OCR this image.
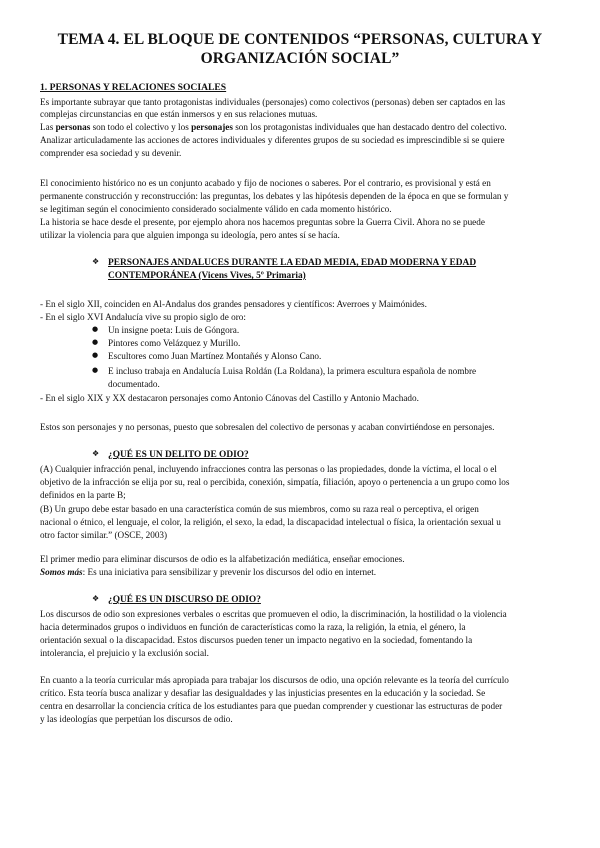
TEMA 4. EL BLOQUE DE CONTENIDOS “PERSONAS, CULTURA Y
ORGANIZACIÓN SOCIAL”
1. PERSONAS Y RELACIONES SOCIALES
Es importante subrayar que tanto protagonistas individuales (personajes) como colectivos (personas) deben ser captados en las
complejas circunstancias en que están inmersos y en sus relaciones mutuas.
Las personas son todo el colectivo y los personajes son los protagonistas individuales que han destacado dentro del colectivo.
Analizar articuladamente las acciones de actores individuales y diferentes grupos de su sociedad es imprescindible si se quiere
comprender esa sociedad y su devenir.
El conocimiento histórico no es un conjunto acabado y fijo de nociones o saberes. Por el contrario, es provisional y está en
permanente construcción y reconstrucción: las preguntas, los debates y las hipótesis dependen de la época en que se formulan y
se legitiman según el conocimiento considerado socialmente válido en cada momento histórico.
La historia se hace desde el presente, por ejemplo ahora nos hacemos preguntas sobre la Guerra Civil. Ahora no se puede
utilizar la violencia para que alguien imponga su ideología, pero antes sí se hacía.
❖ PERSONAJES ANDALUCES DURANTE LA EDAD MEDIA, EDAD MODERNA Y EDAD
CONTEMPORÁNEA (Vicens Vives, 5º Primaria)
- En el siglo XII, coinciden en Al-Andalus dos grandes pensadores y científicos: Averroes y Maimónides.
- En el siglo XVI Andalucía vive su propio siglo de oro:
● Un insigne poeta: Luis de Góngora.
● Pintores como Velázquez y Murillo.
● Escultores como Juan Martínez Montañés y Alonso Cano.
● E incluso trabaja en Andalucía Luisa Roldán (La Roldana), la primera escultura española de nombre
documentado.
- En el siglo XIX y XX destacaron personajes como Antonio Cánovas del Castillo y Antonio Machado.
Estos son personajes y no personas, puesto que sobresalen del colectivo de personas y acaban convirtiéndose en personajes.
❖ ¿QUÉ ES UN DELITO DE ODIO?
(A) Cualquier infracción penal, incluyendo infracciones contra las personas o las propiedades, donde la víctima, el local o el
objetivo de la infracción se elija por su, real o percibida, conexión, simpatía, filiación, apoyo o pertenencia a un grupo como los
definidos en la parte B;
(B) Un grupo debe estar basado en una característica común de sus miembros, como su raza real o perceptiva, el origen
nacional o étnico, el lenguaje, el color, la religión, el sexo, la edad, la discapacidad intelectual o física, la orientación sexual u
otro factor similar.” (OSCE, 2003)
El primer medio para eliminar discursos de odio es la alfabetización mediática, enseñar emociones.
Somos más: Es una iniciativa para sensibilizar y prevenir los discursos del odio en internet.
❖ ¿QUÉ ES UN DISCURSO DE ODIO?
Los discursos de odio son expresiones verbales o escritas que promueven el odio, la discriminación, la hostilidad o la violencia
hacia determinados grupos o individuos en función de características como la raza, la religión, la etnia, el género, la
orientación sexual o la discapacidad. Estos discursos pueden tener un impacto negativo en la sociedad, fomentando la
intolerancia, el prejuicio y la exclusión social.
En cuanto a la teoría curricular más apropiada para trabajar los discursos de odio, una opción relevante es la teoría del currículo
crítico. Esta teoría busca analizar y desafiar las desigualdades y las injusticias presentes en la educación y la sociedad. Se
centra en desarrollar la conciencia crítica de los estudiantes para que puedan comprender y cuestionar las estructuras de poder
y las ideologías que perpetúan los discursos de odio.
